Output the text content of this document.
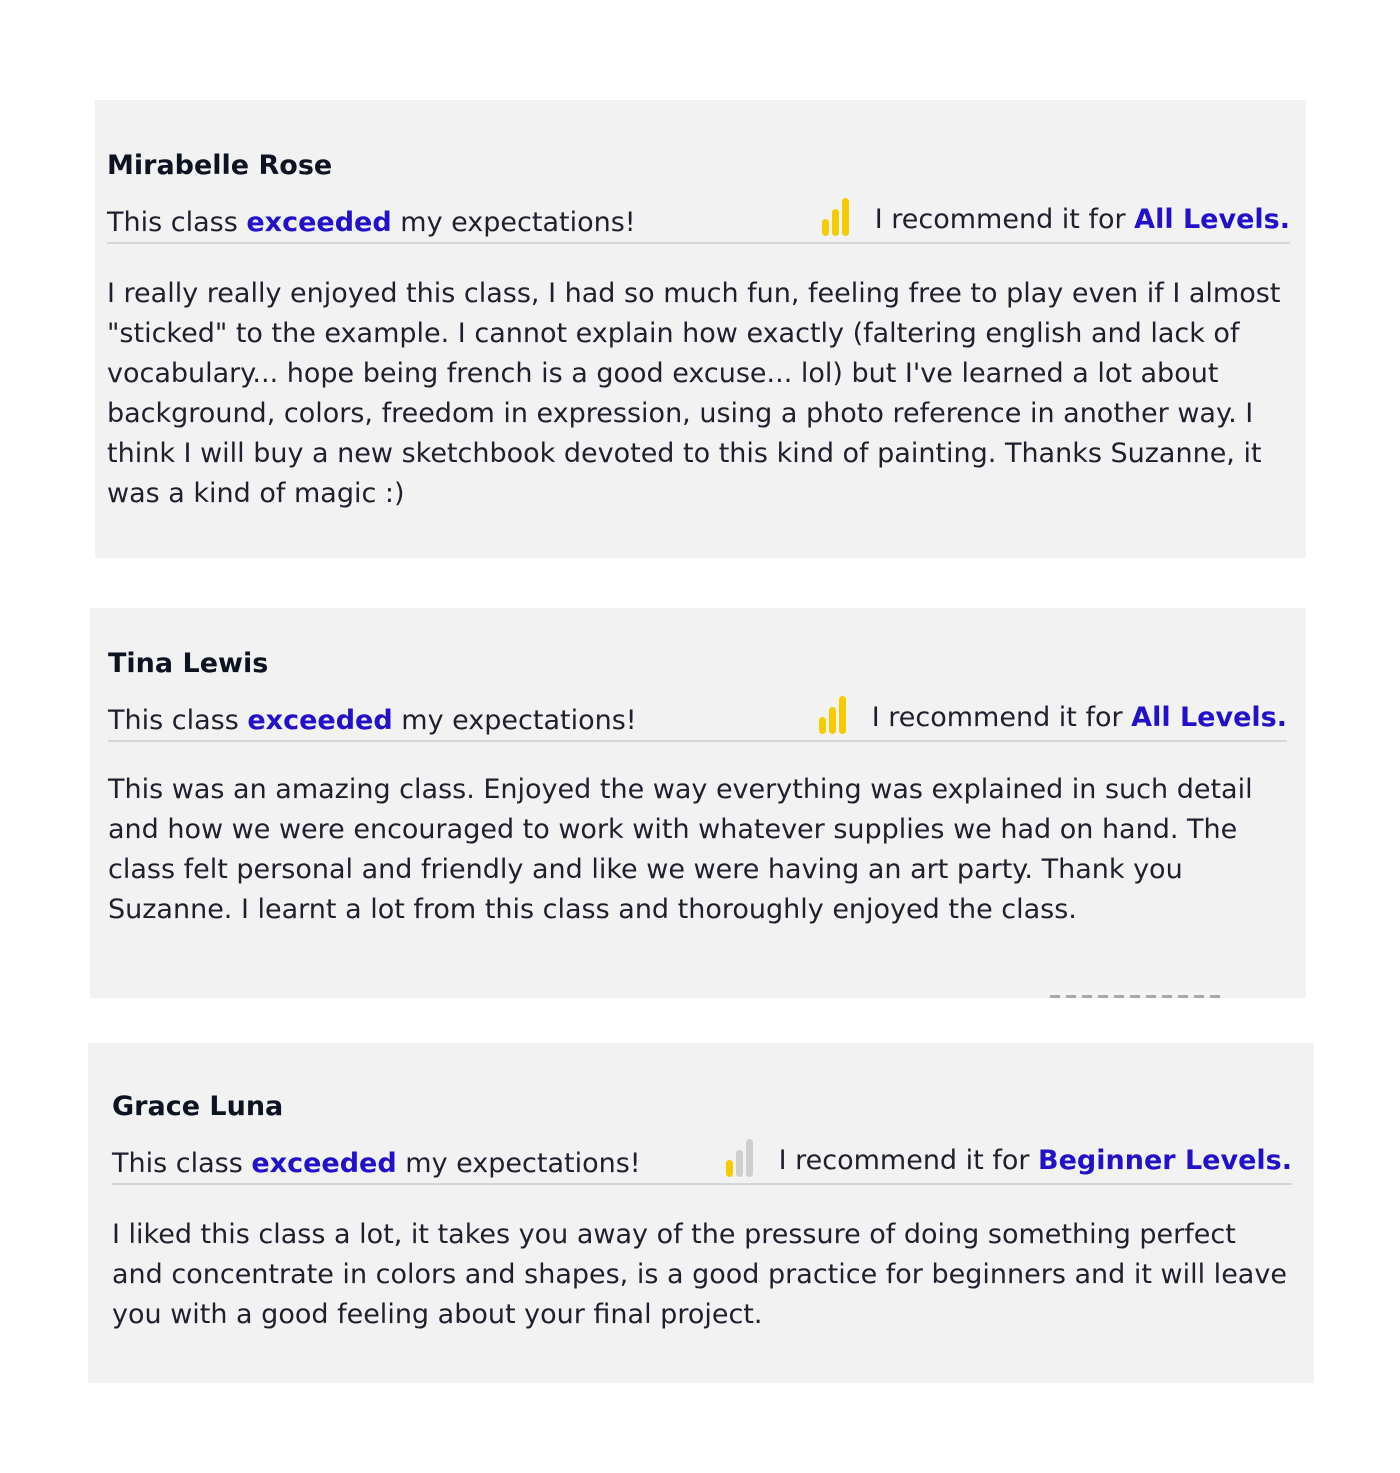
Mirabelle Rose
This class exceeded my expectations!	I recommend it for All Levels.

I really really enjoyed this class, I had so much fun, feeling free to play even if I almost "sticked" to the example. I cannot explain how exactly (faltering english and lack of vocabulary... hope being french is a good excuse... lol) but I've learned a lot about background, colors, freedom in expression, using a photo reference in another way. I think I will buy a new sketchbook devoted to this kind of painting. Thanks Suzanne, it was a kind of magic :)

Tina Lewis
This class exceeded my expectations!	I recommend it for All Levels.

This was an amazing class. Enjoyed the way everything was explained in such detail and how we were encouraged to work with whatever supplies we had on hand. The class felt personal and friendly and like we were having an art party. Thank you Suzanne. I learnt a lot from this class and thoroughly enjoyed the class.

Grace Luna
This class exceeded my expectations!	I recommend it for Beginner Levels.

I liked this class a lot, it takes you away of the pressure of doing something perfect and concentrate in colors and shapes, is a good practice for beginners and it will leave you with a good feeling about your final project.
